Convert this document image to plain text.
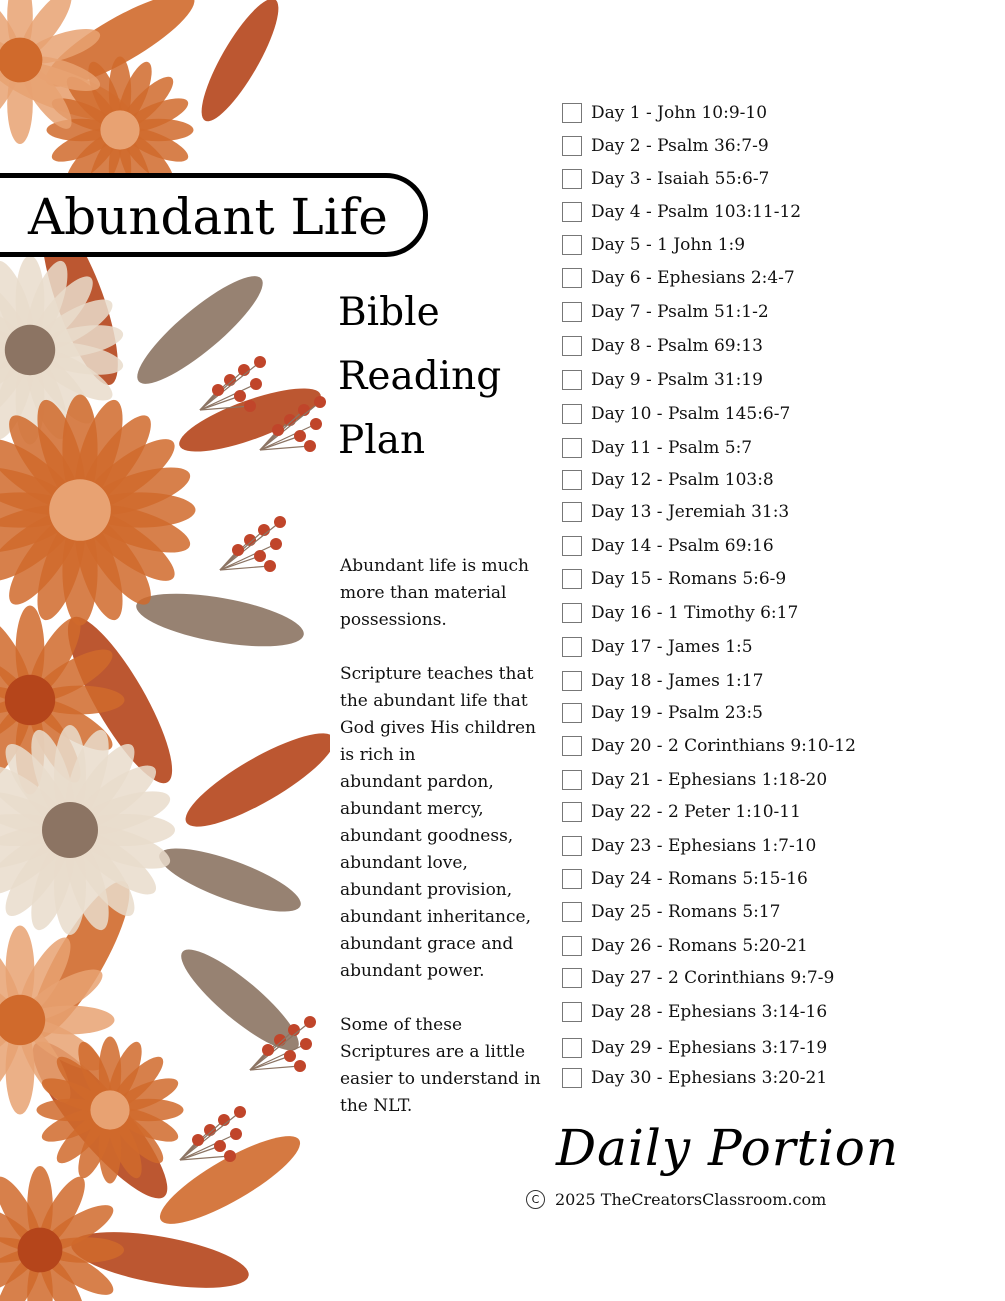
Abundant Life
Bible
Reading
Plan
Abundant life is much
more than material
possessions.
Scripture teaches that
the abundant life that
God gives His children
is rich in
abundant pardon,
abundant mercy,
abundant goodness,
abundant love,
abundant provision,
abundant inheritance,
abundant grace and
abundant power.
Some of these
Scriptures are a little
easier to understand in
the NLT.
Day 1 - John 10:9-10
Day 2 - Psalm 36:7-9
Day 3 - Isaiah 55:6-7
Day 4 - Psalm 103:11-12
Day 5 - 1 John 1:9
Day 6 - Ephesians 2:4-7
Day 7 - Psalm 51:1-2
Day 8 - Psalm 69:13
Day 9 - Psalm 31:19
Day 10 - Psalm 145:6-7
Day 11 - Psalm 5:7
Day 12 - Psalm 103:8
Day 13 - Jeremiah 31:3
Day 14 - Psalm 69:16
Day 15 - Romans 5:6-9
Day 16 - 1 Timothy 6:17
Day 17 - James 1:5
Day 18 - James 1:17
Day 19 - Psalm 23:5
Day 20 - 2 Corinthians 9:10-12
Day 21 - Ephesians 1:18-20
Day 22 - 2 Peter 1:10-11
Day 23 - Ephesians 1:7-10
Day 24 - Romans 5:15-16
Day 25 - Romans 5:17
Day 26 - Romans 5:20-21
Day 27 - 2 Corinthians 9:7-9
Day 28 - Ephesians 3:14-16
Day 29 - Ephesians 3:17-19
Day 30 - Ephesians 3:20-21
Daily Portion
C 2025 TheCreatorsClassroom.com
